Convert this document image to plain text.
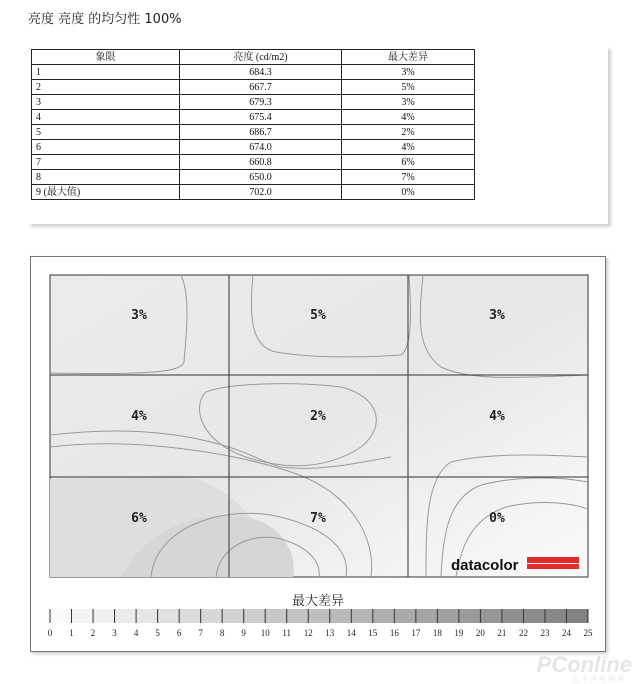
亮度 亮度 的均匀性 100%
象限	亮度 (cd/m2)	最大差异
1	684.3	3%
2	667.7	5%
3	679.3	3%
4	675.4	4%
5	686.7	2%
6	674.0	4%
7	660.8	6%
8	650.0	7%
9 (最大值)	702.0	0%
3%	5%	3%
4%	2%	4%
6%	7%	0%
datacolor
0 1 2 3 4 5 6 7 8 9 10 11 12 13 14 15 16 17 18 19 20 21 22 23 24 25
最大差异
PConline
太平洋电脑网
